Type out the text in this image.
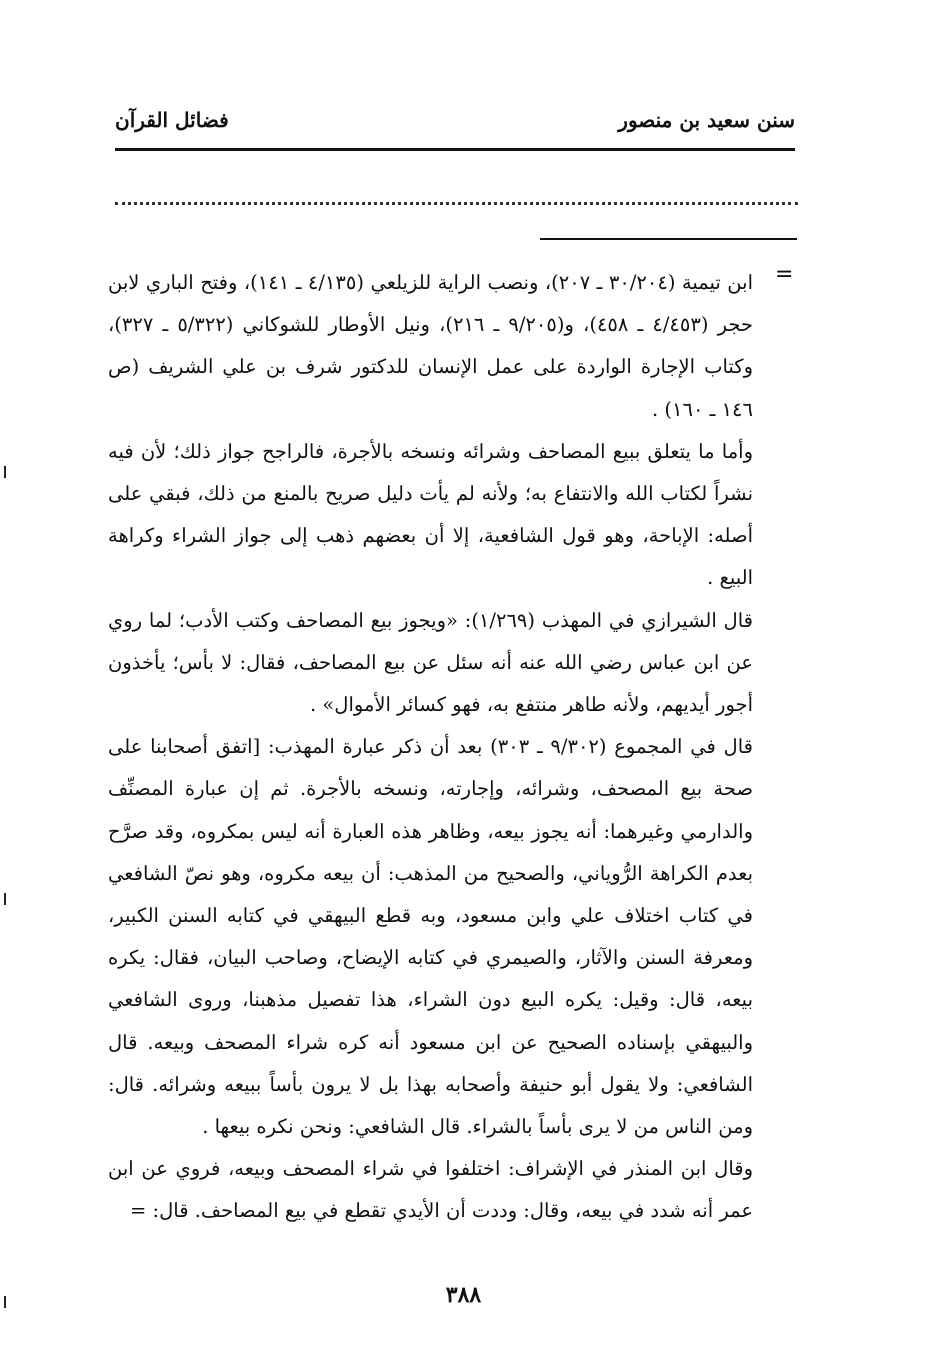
سنن سعيد بن منصور
فضائل القرآن
=

ابن تيمية (٣٠/٢٠٤ ـ ٢٠٧)، ونصب الراية للزيلعي (٤/١٣٥ ـ ١٤١)، وفتح الباري لابن حجر (٤/٤٥٣ ـ ٤٥٨)، و(٩/٢٠٥ ـ ٢١٦)، ونيل الأوطار للشوكاني (٥/٣٢٢ ـ ٣٢٧)، وكتاب الإجارة الواردة على عمل الإنسان للدكتور شرف بن علي الشريف (ص ١٤٦ ـ ١٦٠) .

وأما ما يتعلق ببيع المصاحف وشرائه ونسخه بالأجرة، فالراجح جواز ذلك؛ لأن فيه نشراً لكتاب الله والانتفاع به؛ ولأنه لم يأت دليل صريح بالمنع من ذلك، فبقي على أصله: الإباحة، وهو قول الشافعية، إلا أن بعضهم ذهب إلى جواز الشراء وكراهة البيع .

قال الشيرازي في المهذب (١/٢٦٩): «ويجوز بيع المصاحف وكتب الأدب؛ لما روي عن ابن عباس رضي الله عنه أنه سئل عن بيع المصاحف، فقال: لا بأس؛ يأخذون أجور أيديهم، ولأنه طاهر منتفع به، فهو كسائر الأموال» .

قال في المجموع (٩/٣٠٢ ـ ٣٠٣) بعد أن ذكر عبارة المهذب: [اتفق أصحابنا على صحة بيع المصحف، وشرائه، وإجارته، ونسخه بالأجرة. ثم إن عبارة المصنِّف والدارمي وغيرهما: أنه يجوز بيعه، وظاهر هذه العبارة أنه ليس بمكروه، وقد صرَّح بعدم الكراهة الرُّوياني، والصحيح من المذهب: أن بيعه مكروه، وهو نصّ الشافعي في كتاب اختلاف علي وابن مسعود، وبه قطع البيهقي في كتابه السنن الكبير، ومعرفة السنن والآثار، والصيمري في كتابه الإيضاح، وصاحب البيان، فقال: يكره بيعه، قال: وقيل: يكره البيع دون الشراء، هذا تفصيل مذهبنا، وروى الشافعي والبيهقي بإسناده الصحيح عن ابن مسعود أنه كره شراء المصحف وبيعه. قال الشافعي: ولا يقول أبو حنيفة وأصحابه بهذا بل لا يرون بأساً ببيعه وشرائه. قال: ومن الناس من لا يرى بأساً بالشراء. قال الشافعي: ونحن نكره بيعها .

وقال ابن المنذر في الإشراف: اختلفوا في شراء المصحف وبيعه، فروي عن ابن عمر أنه شدد في بيعه، وقال: وددت أن الأيدي تقطع في بيع المصاحف. قال: =

٣٨٨
